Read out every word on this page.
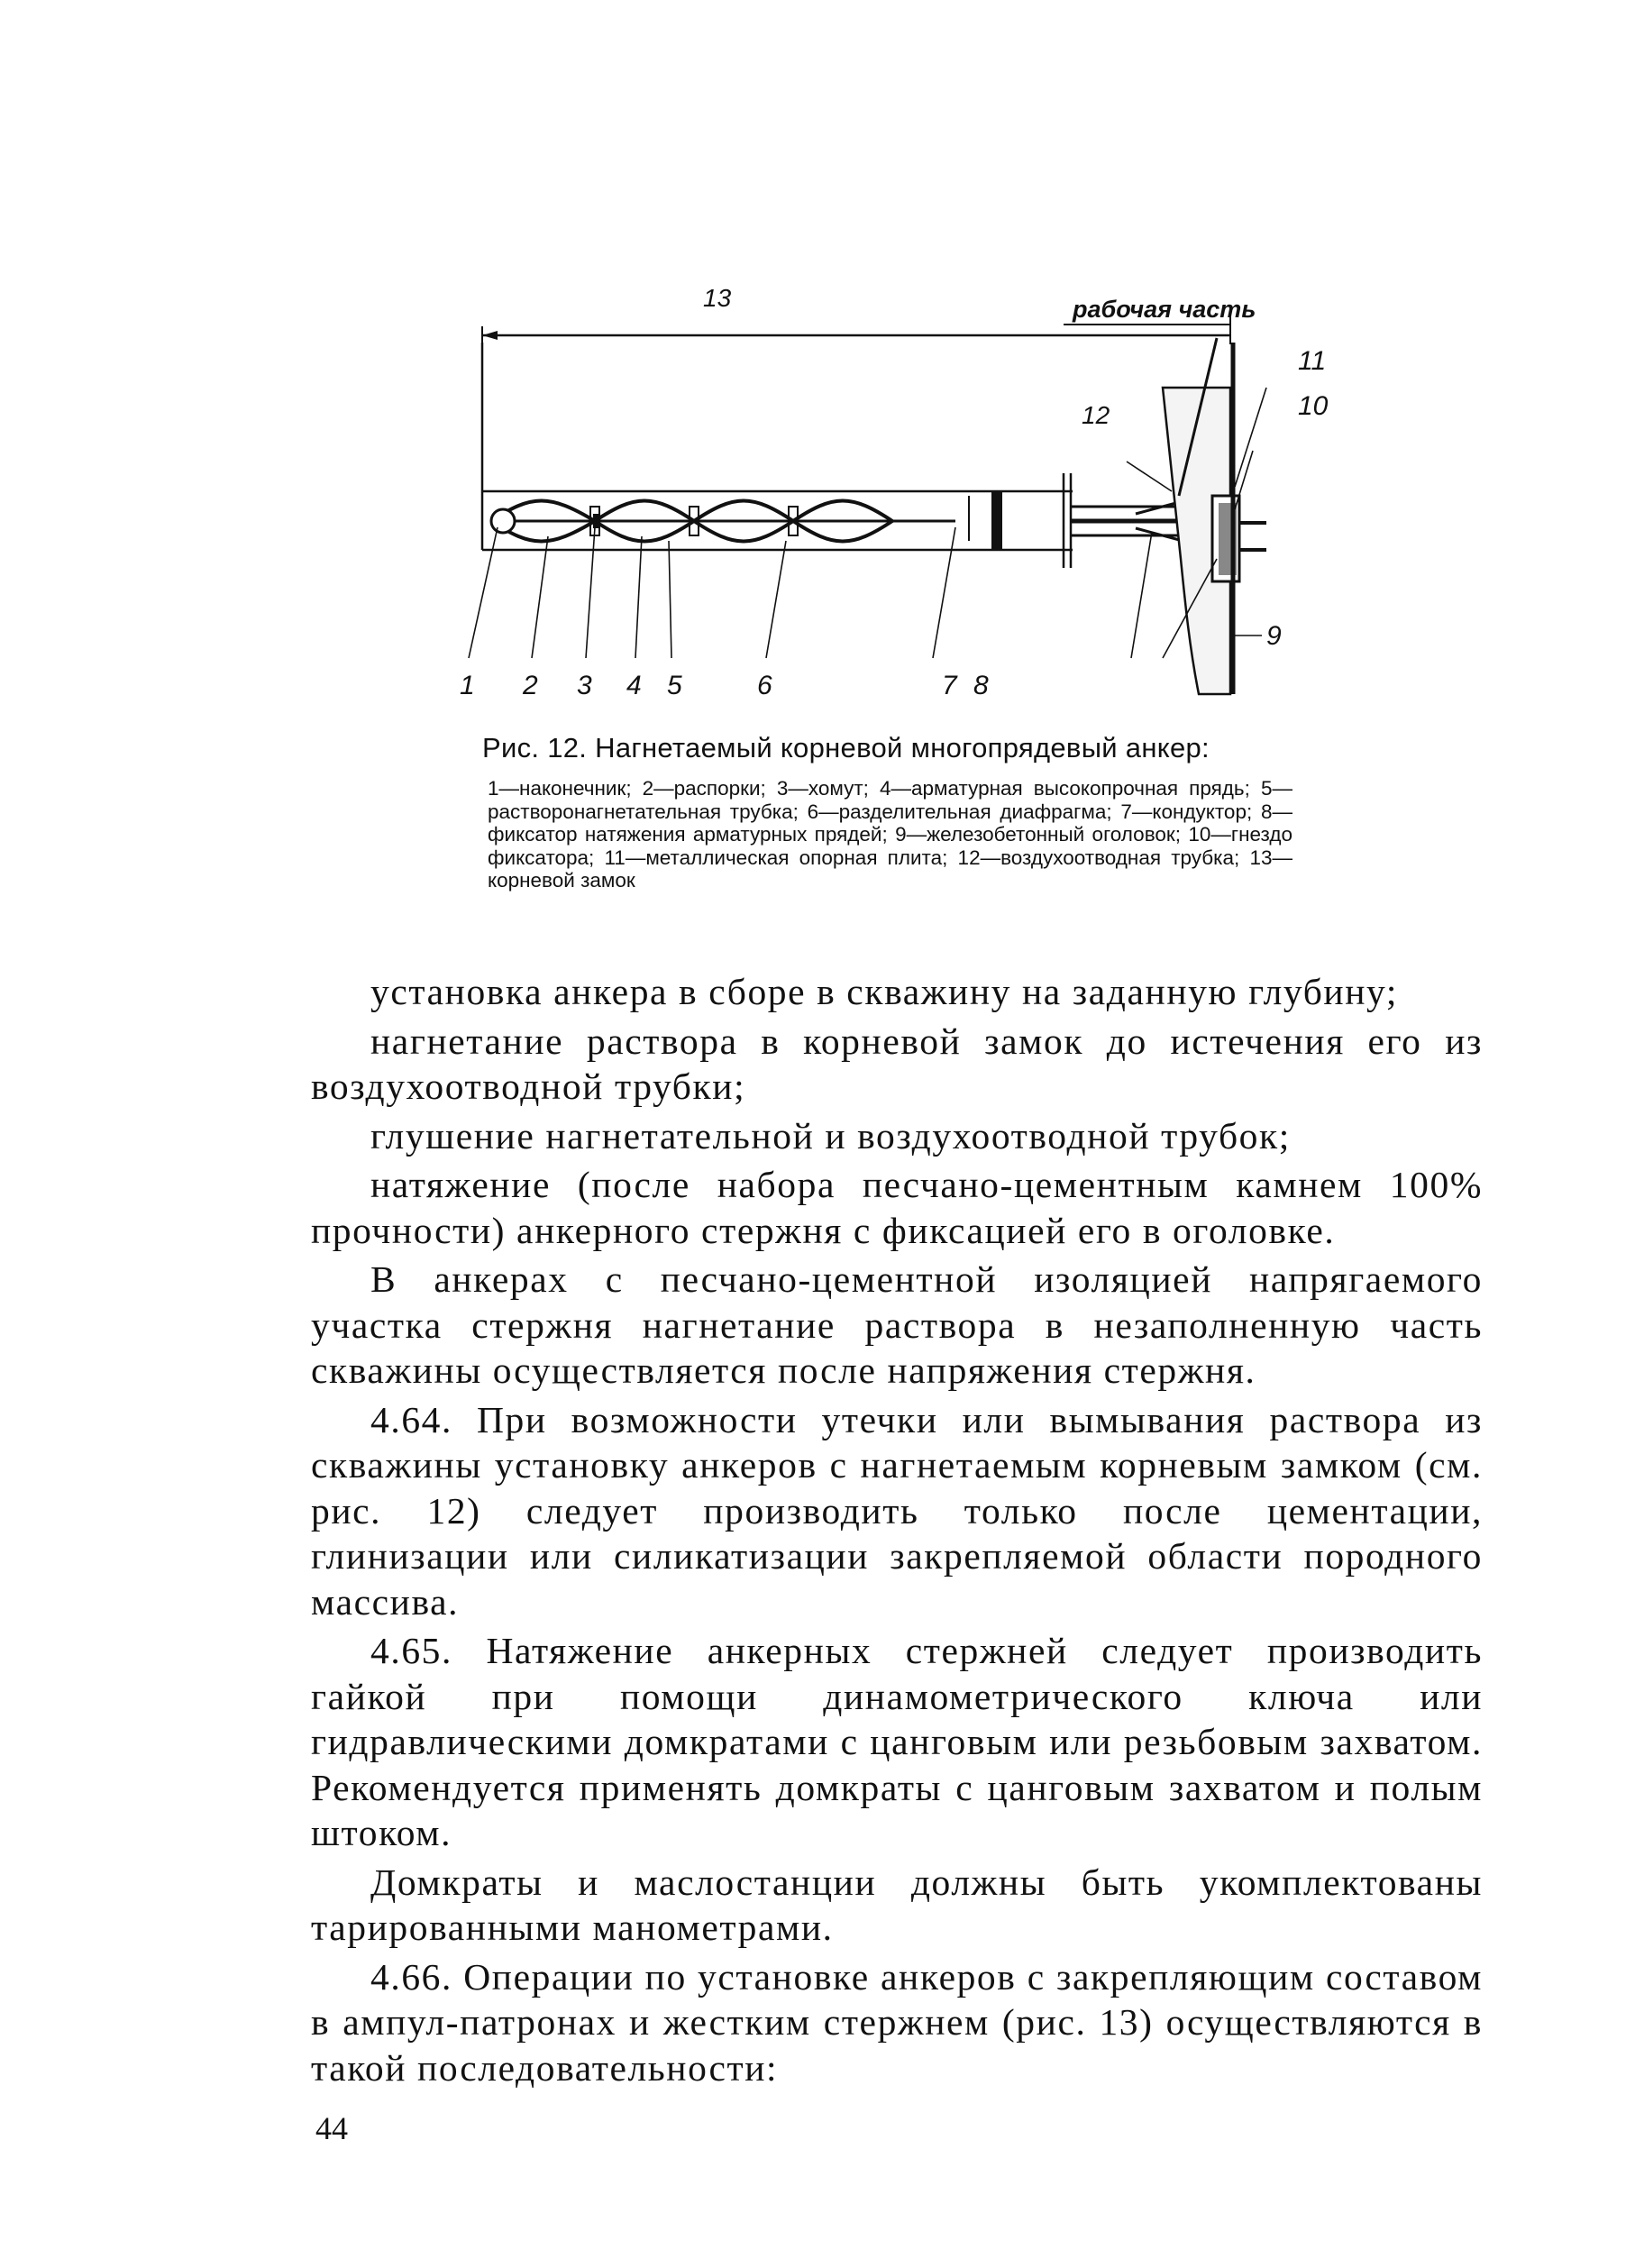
13	рабочая часть
1 2 3 4 5	6	7 8
9
10
11
12
Рис. 12. Нагнетаемый корневой многопрядевый анкер:
1—наконечник; 2—распорки; 3—хомут; 4—арматурная высокопрочная прядь; 5—растворонагнетательная трубка; 6—разделительная диафрагма; 7—кондуктор; 8—фиксатор натяжения арматурных прядей; 9—железобетонный оголовок; 10—гнездо фиксатора; 11—металлическая опорная плита; 12—воздухоотводная трубка; 13—корневой замок

установка анкера в сборе в скважину на заданную глубину;

нагнетание раствора в корневой замок до истечения его из воздухоотводной трубки;

глушение нагнетательной и воздухоотводной трубок;

натяжение (после набора песчано-цементным камнем 100% прочности) анкерного стержня с фиксацией его в оголовке.

В анкерах с песчано-цементной изоляцией напрягаемого участка стержня нагнетание раствора в незаполненную часть скважины осуществляется после напряжения стержня.

4.64. При возможности утечки или вымывания раствора из скважины установку анкеров с нагнетаемым корневым замком (см. рис. 12) следует производить только после цементации, глинизации или силикатизации закрепляемой области породного массива.

4.65. Натяжение анкерных стержней следует производить гайкой при помощи динамометрического ключа или гидравлическими домкратами с цанговым или резьбовым захватом. Рекомендуется применять домкраты с цанговым захватом и полым штоком.

Домкраты и маслостанции должны быть укомплектованы тарированными манометрами.

4.66. Операции по установке анкеров с закрепляющим составом в ампул-патронах и жестким стержнем (рис. 13) осуществляются в такой последовательности:

44
